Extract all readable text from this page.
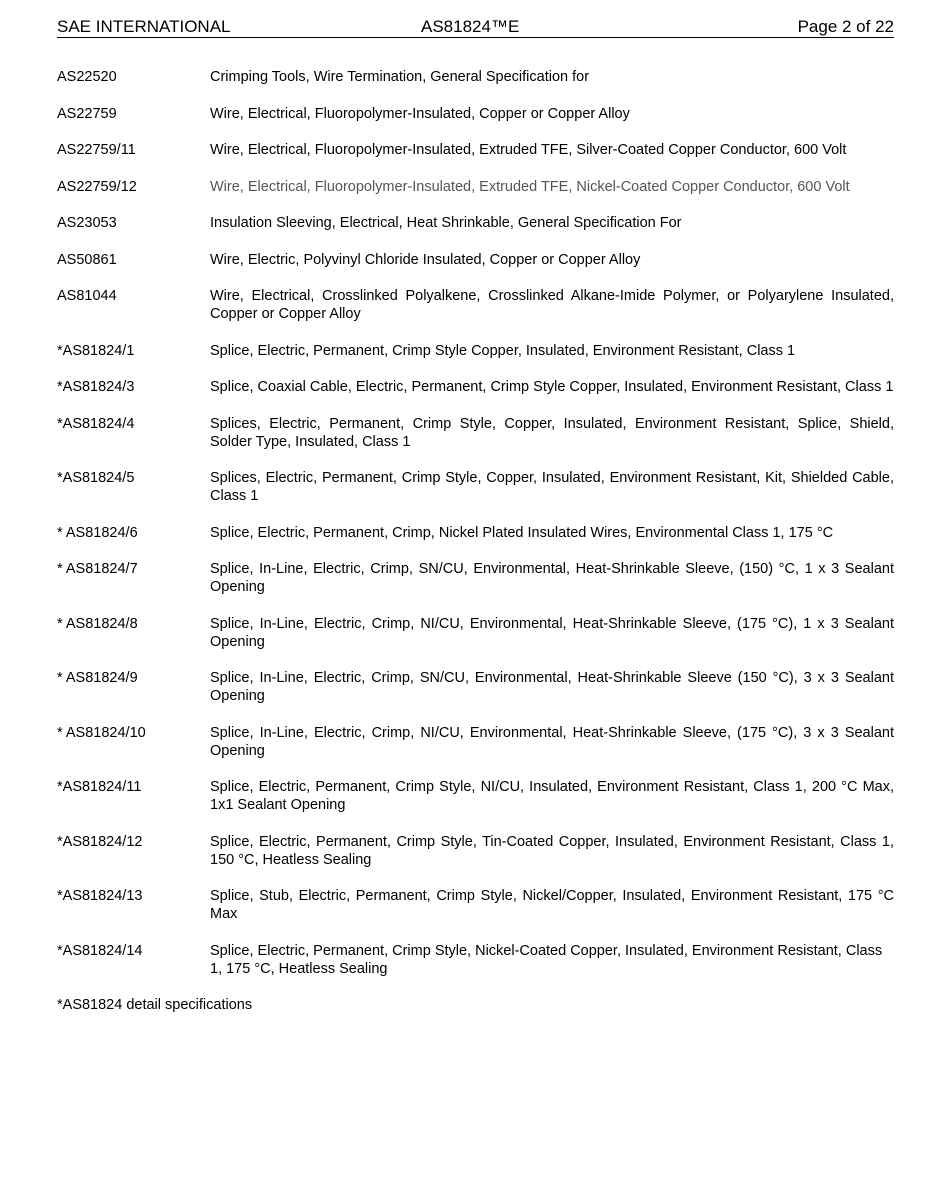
SAE INTERNATIONAL	AS81824™E	Page 2 of 22
AS22520	Crimping Tools, Wire Termination, General Specification for
AS22759	Wire, Electrical, Fluoropolymer-Insulated, Copper or Copper Alloy
AS22759/11	Wire, Electrical, Fluoropolymer-Insulated, Extruded TFE, Silver-Coated Copper Conductor, 600 Volt
AS22759/12	Wire, Electrical, Fluoropolymer-Insulated, Extruded TFE, Nickel-Coated Copper Conductor, 600 Volt
AS23053	Insulation Sleeving, Electrical, Heat Shrinkable, General Specification For
AS50861	Wire, Electric, Polyvinyl Chloride Insulated, Copper or Copper Alloy
AS81044	Wire, Electrical, Crosslinked Polyalkene, Crosslinked Alkane-Imide Polymer, or Polyarylene Insulated, Copper or Copper Alloy
*AS81824/1	Splice, Electric, Permanent, Crimp Style Copper, Insulated, Environment Resistant, Class 1
*AS81824/3	Splice, Coaxial Cable, Electric, Permanent, Crimp Style Copper, Insulated, Environment Resistant, Class 1
*AS81824/4	Splices, Electric, Permanent, Crimp Style, Copper, Insulated, Environment Resistant, Splice, Shield, Solder Type, Insulated, Class 1
*AS81824/5	Splices, Electric, Permanent, Crimp Style, Copper, Insulated, Environment Resistant, Kit, Shielded Cable, Class 1
* AS81824/6	Splice, Electric, Permanent, Crimp, Nickel Plated Insulated Wires, Environmental Class 1, 175 °C
* AS81824/7	Splice, In-Line, Electric, Crimp, SN/CU, Environmental, Heat-Shrinkable Sleeve, (150) °C, 1 x 3 Sealant Opening
* AS81824/8	Splice, In-Line, Electric, Crimp, NI/CU, Environmental, Heat-Shrinkable Sleeve, (175 °C), 1 x 3 Sealant Opening
* AS81824/9	Splice, In-Line, Electric, Crimp, SN/CU, Environmental, Heat-Shrinkable Sleeve (150 °C), 3 x 3 Sealant Opening
* AS81824/10	Splice, In-Line, Electric, Crimp, NI/CU, Environmental, Heat-Shrinkable Sleeve, (175 °C), 3 x 3 Sealant Opening
*AS81824/11	Splice, Electric, Permanent, Crimp Style, NI/CU, Insulated, Environment Resistant, Class 1, 200 °C Max, 1x1 Sealant Opening
*AS81824/12	Splice, Electric, Permanent, Crimp Style, Tin-Coated Copper, Insulated, Environment Resistant, Class 1, 150 °C, Heatless Sealing
*AS81824/13	Splice, Stub, Electric, Permanent, Crimp Style, Nickel/Copper, Insulated, Environment Resistant, 175 °C Max
*AS81824/14	Splice, Electric, Permanent, Crimp Style, Nickel-Coated Copper, Insulated, Environment Resistant, Class 1, 175 °C, Heatless Sealing
*AS81824 detail specifications
